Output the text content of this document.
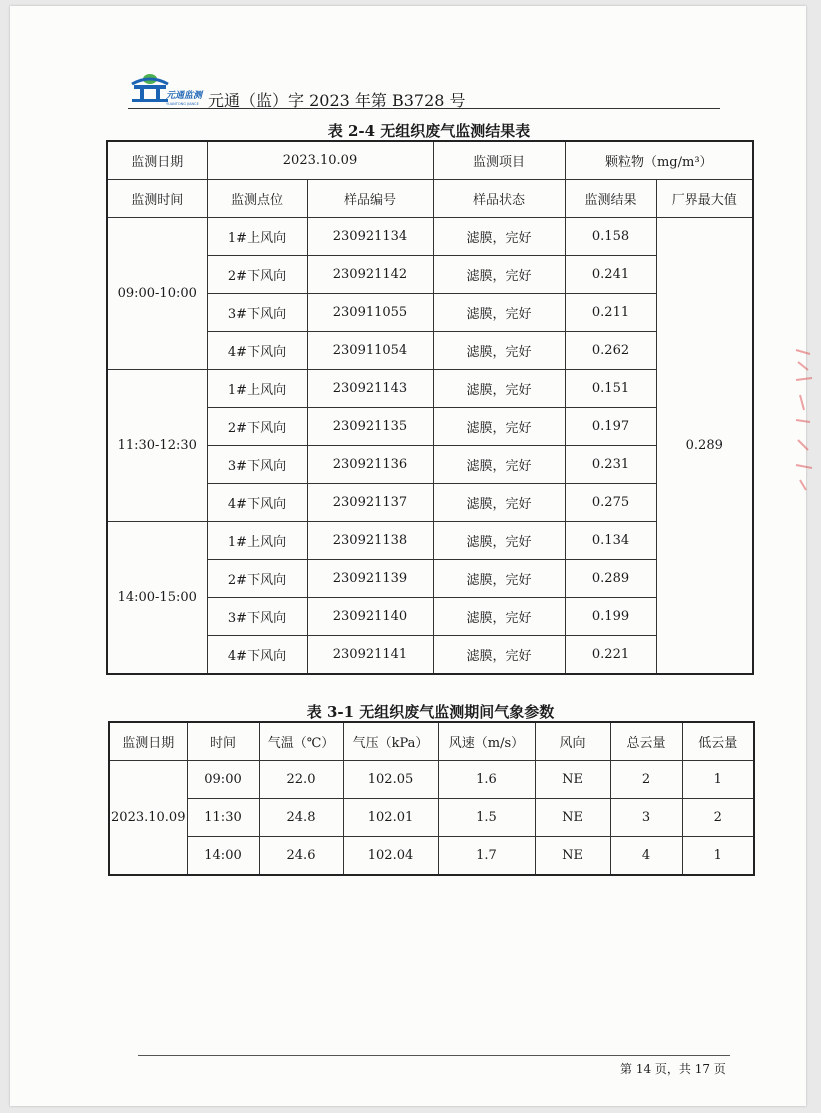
元通监测
YUANTONG JIANCE 元通（监）字 2023 年第 B3728 号
表 2-4 无组织废气监测结果表
监测日期	2023.10.09		监测项目	颗粒物（mg/m³）	
监测时间	监测点位	样品编号	样品状态	监测结果	厂界最大值
09:00-10:00	1#上风向	230921134	滤膜，完好	0.158	0.289
	2#下风向	230921142	滤膜，完好	0.241	
	3#下风向	230911055	滤膜，完好	0.211	
	4#下风向	230911054	滤膜，完好	0.262	
11:30-12:30	1#上风向	230921143	滤膜，完好	0.151	
	2#下风向	230921135	滤膜，完好	0.197	
	3#下风向	230921136	滤膜，完好	0.231	
	4#下风向	230921137	滤膜，完好	0.275	
14:00-15:00	1#上风向	230921138	滤膜，完好	0.134	
	2#下风向	230921139	滤膜，完好	0.289	
	3#下风向	230921140	滤膜，完好	0.199	
	4#下风向	230921141	滤膜，完好	0.221	
表 3-1 无组织废气监测期间气象参数
监测日期	时间	气温（℃）	气压（kPa）	风速（m/s）	风向	总云量	低云量
2023.10.09	09:00	22.0	102.05	1.6	NE	2	1
	11:30	24.8	102.01	1.5	NE	3	2
	14:00	24.6	102.04	1.7	NE	4	1
第 14 页，共 17 页
